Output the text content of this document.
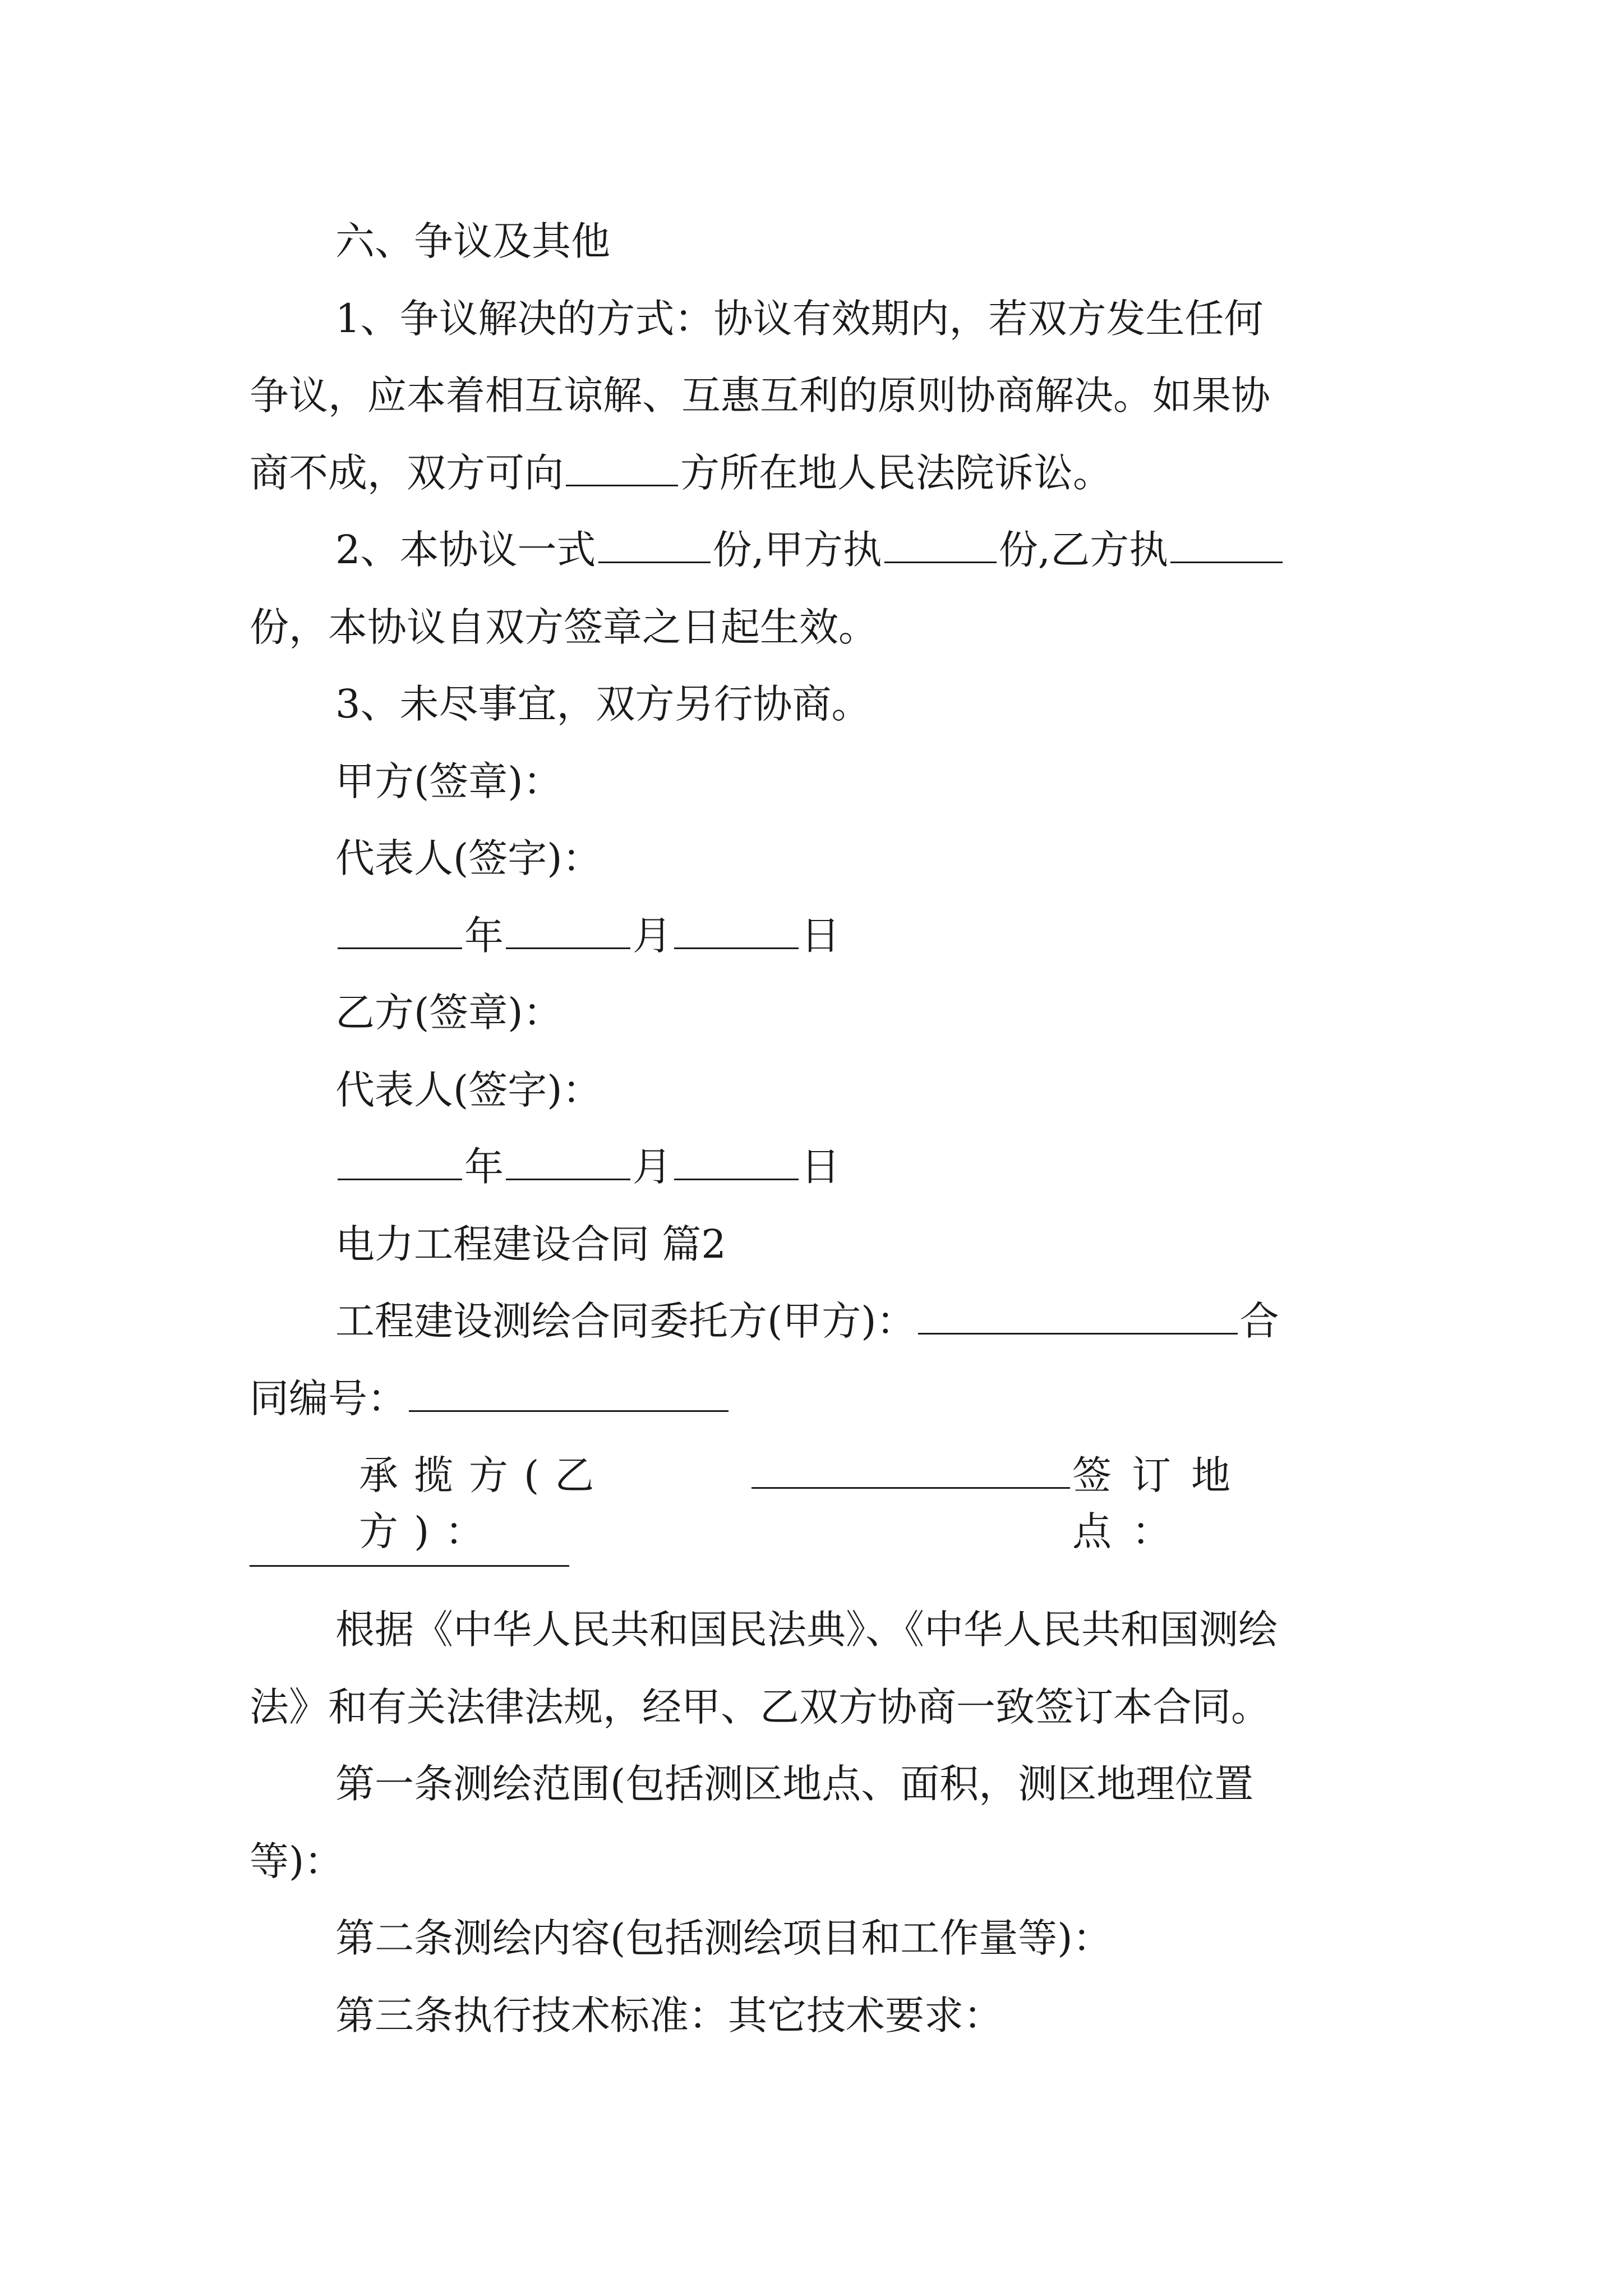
六、争议及其他
1、争议解决的方式：协议有效期内，若双方发生任何
争议，应本着相互谅解、互惠互利的原则协商解决。如果协
商不成，双方可向	方所在地人民法院诉讼。
2、本协议一式	份,甲方执	份,乙方执
份，本协议自双方签章之日起生效。
3、未尽事宜，双方另行协商。
甲方(签章)：
代表人(签字)：
年	月	日
乙方(签章)：
代表人(签字)：
年	月	日
电力工程建设合同 篇2
工程建设测绘合同委托方(甲方)：	合
同编号：
承揽方(乙方)：
签订地点：
根据《中华人民共和国民法典》、《中华人民共和国测绘
法》和有关法律法规，经甲、乙双方协商一致签订本合同。
第一条测绘范围(包括测区地点、面积，测区地理位置
等)：
第二条测绘内容(包括测绘项目和工作量等)：
第三条执行技术标准：其它技术要求：
